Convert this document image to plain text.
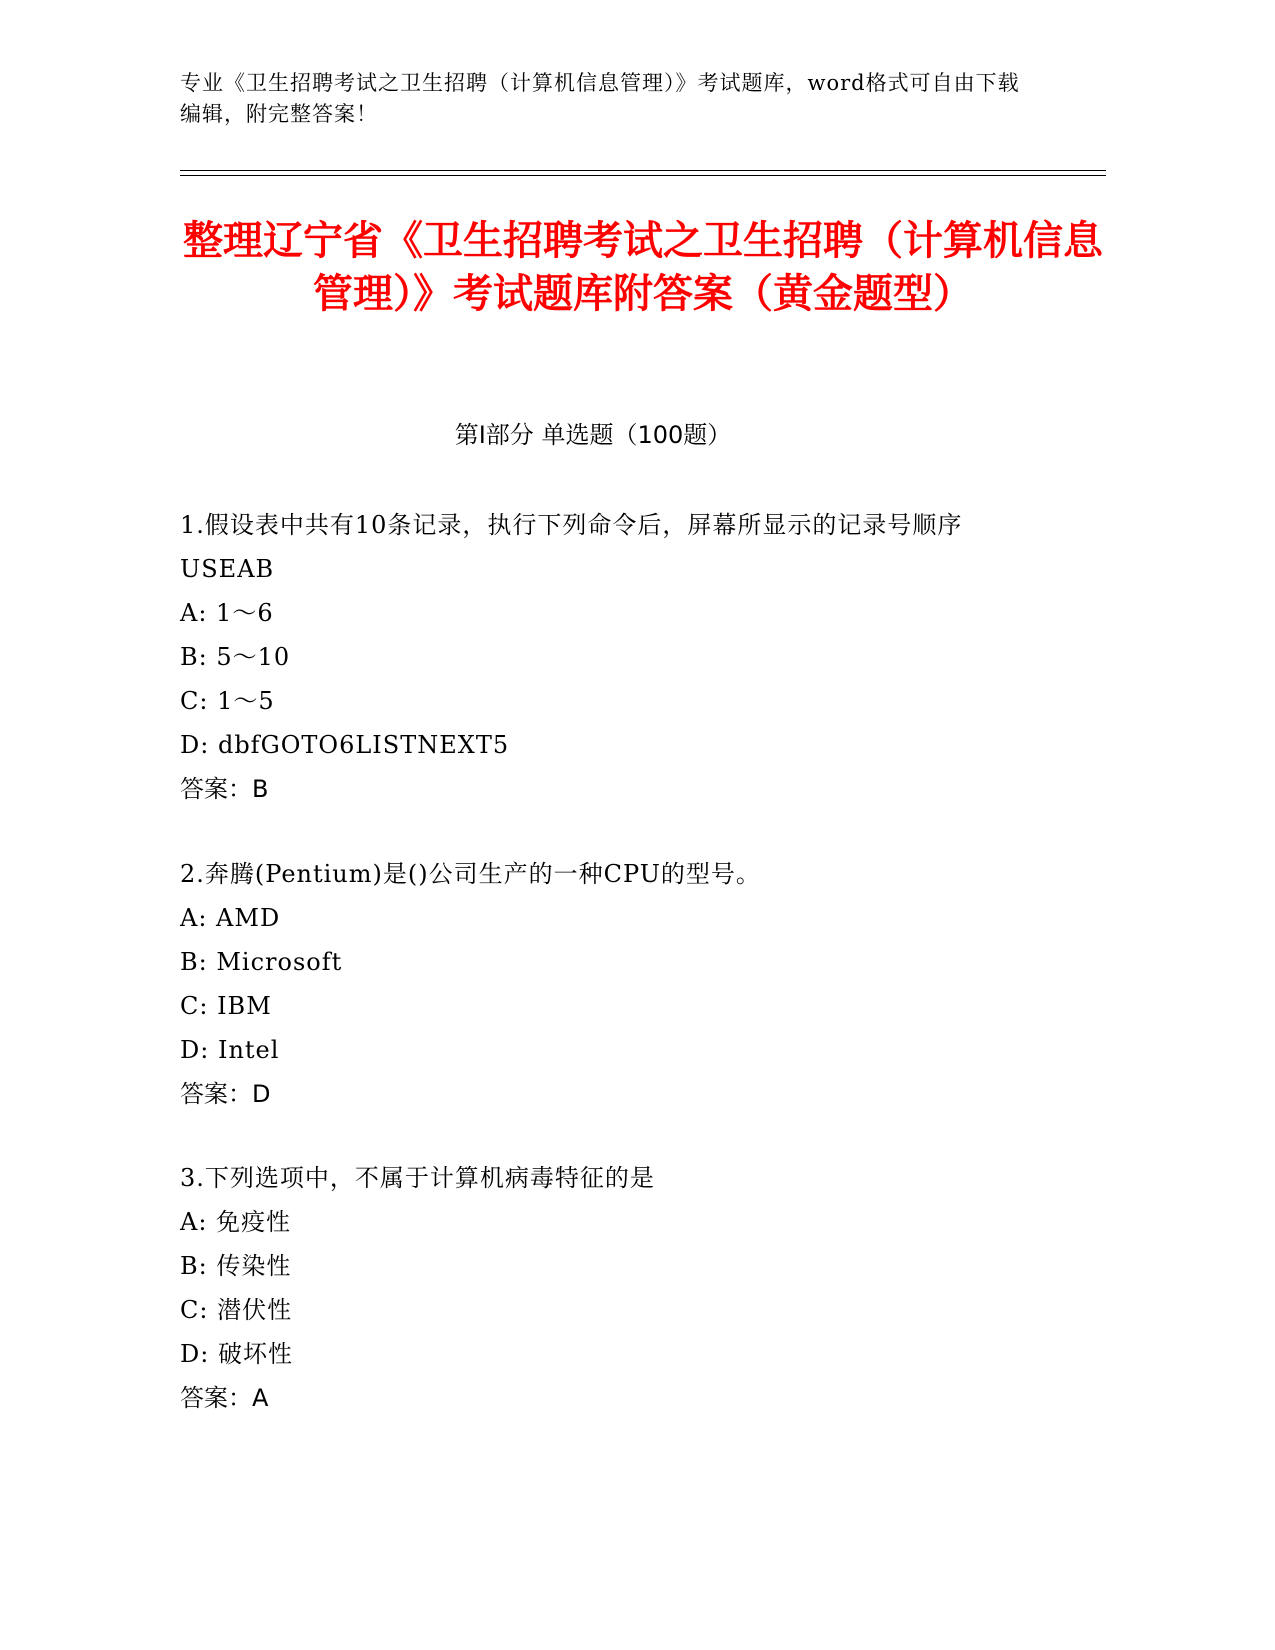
专业《卫生招聘考试之卫生招聘（计算机信息管理）》考试题库，word格式可自由下载编辑，附完整答案！
整理辽宁省《卫生招聘考试之卫生招聘（计算机信息管理）》考试题库附答案（黄金题型）
第I部分 单选题（100题）
1.假设表中共有10条记录，执行下列命令后，屏幕所显示的记录号顺序USEAB
A: 1～6
B: 5～10
C: 1～5
D: dbfGOTO6LISTNEXT5
答案：B
2.奔腾(Pentium)是()公司生产的一种CPU的型号。
A: AMD
B: Microsoft
C: IBM
D: Intel
答案：D
3.下列选项中，不属于计算机病毒特征的是
A: 免疫性
B: 传染性
C: 潜伏性
D: 破坏性
答案：A
